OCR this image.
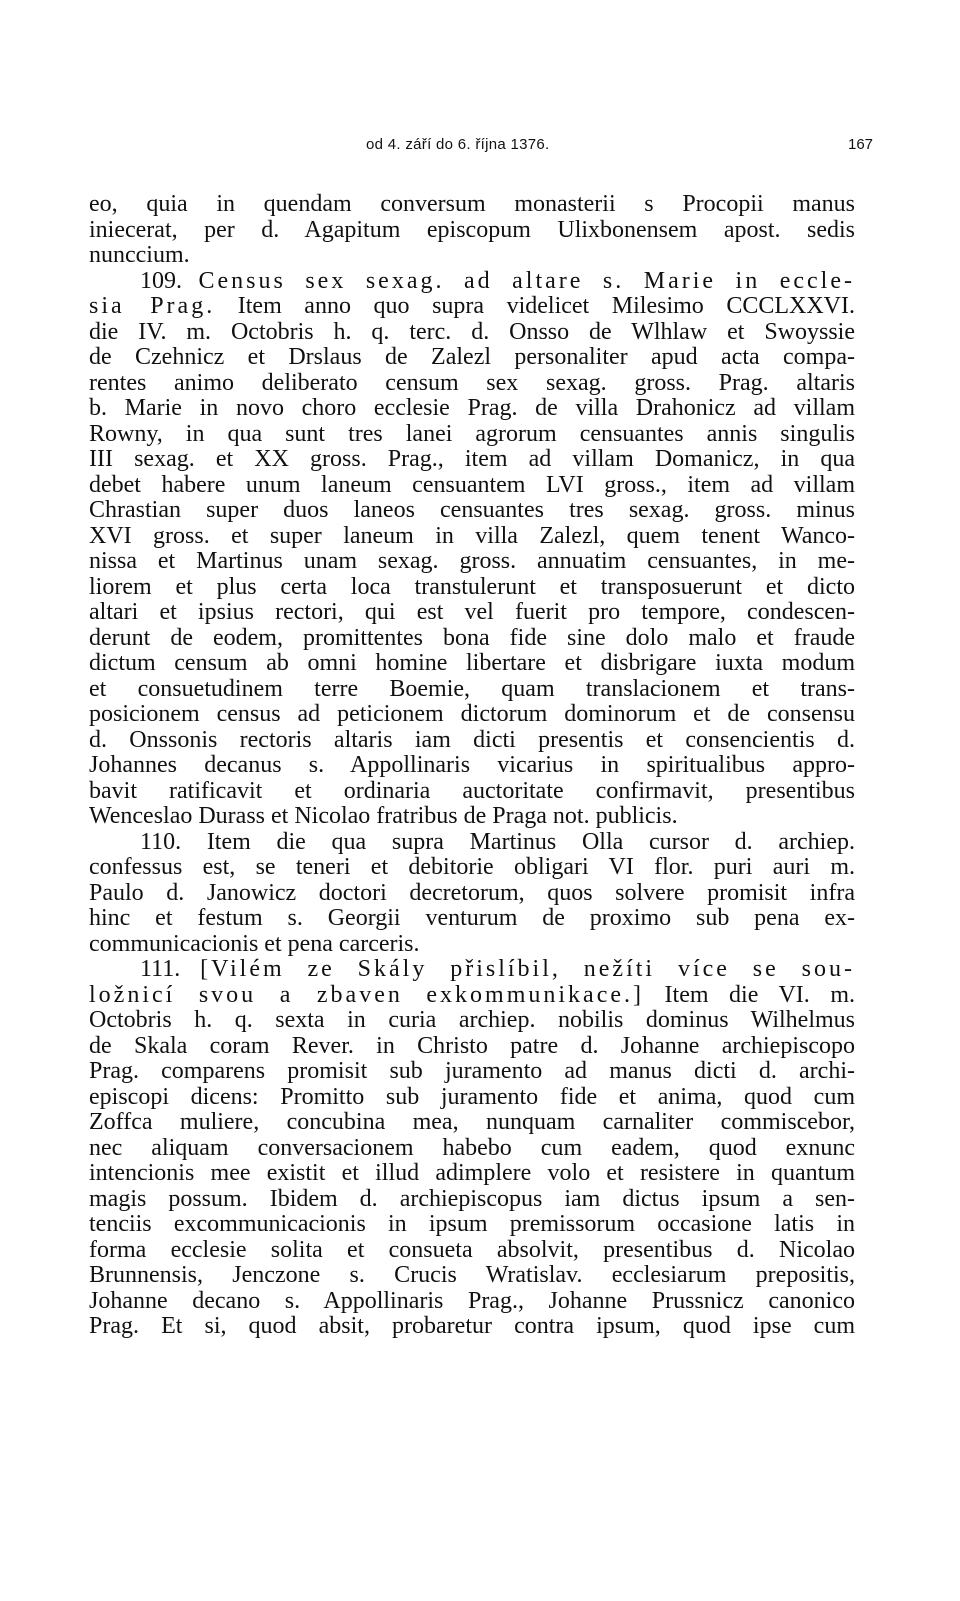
od 4. září do 6. října 1376.	167
eo, quia in quendam conversum monasterii s Procopii manus
iniecerat, per d. Agapitum episcopum Ulixbonensem apost. sedis
nunccium.
109. Census sex sexag. ad altare s. Marie in eccle-
sia Prag. Item anno quo supra videlicet Milesimo CCCLXXVI.
die IV. m. Octobris h. q. terc. d. Onsso de Wlhlaw et Swoyssie
de Czehnicz et Drslaus de Zalezl personaliter apud acta compa-
rentes animo deliberato censum sex sexag. gross. Prag. altaris
b. Marie in novo choro ecclesie Prag. de villa Drahonicz ad villam
Rowny, in qua sunt tres lanei agrorum censuantes annis singulis
III sexag. et XX gross. Prag., item ad villam Domanicz, in qua
debet habere unum laneum censuantem LVI gross., item ad villam
Chrastian super duos laneos censuantes tres sexag. gross. minus
XVI gross. et super laneum in villa Zalezl, quem tenent Wanco-
nissa et Martinus unam sexag. gross. annuatim censuantes, in me-
liorem et plus certa loca transtulerunt et transposuerunt et dicto
altari et ipsius rectori, qui est vel fuerit pro tempore, condescen-
derunt de eodem, promittentes bona fide sine dolo malo et fraude
dictum censum ab omni homine libertare et disbrigare iuxta modum
et consuetudinem terre Boemie, quam translacionem et trans-
posicionem census ad peticionem dictorum dominorum et de consensu
d. Onssonis rectoris altaris iam dicti presentis et consencientis d.
Johannes decanus s. Appollinaris vicarius in spiritualibus appro-
bavit ratificavit et ordinaria auctoritate confirmavit, presentibus
Wenceslao Durass et Nicolao fratribus de Praga not. publicis.
110. Item die qua supra Martinus Olla cursor d. archiep.
confessus est, se teneri et debitorie obligari VI flor. puri auri m.
Paulo d. Janowicz doctori decretorum, quos solvere promisit infra
hinc et festum s. Georgii venturum de proximo sub pena ex-
communicacionis et pena carceris.
111. [Vilém ze Skály přislíbil, nežíti více se sou-
ložnicí svou a zbaven exkommunikace.] Item die VI. m.
Octobris h. q. sexta in curia archiep. nobilis dominus Wilhelmus
de Skala coram Rever. in Christo patre d. Johanne archiepiscopo
Prag. comparens promisit sub juramento ad manus dicti d. archi-
episcopi dicens: Promitto sub juramento fide et anima, quod cum
Zoffca muliere, concubina mea, nunquam carnaliter commiscebor,
nec aliquam conversacionem habebo cum eadem, quod exnunc
intencionis mee existit et illud adimplere volo et resistere in quantum
magis possum. Ibidem d. archiepiscopus iam dictus ipsum a sen-
tenciis excommunicacionis in ipsum premissorum occasione latis in
forma ecclesie solita et consueta absolvit, presentibus d. Nicolao
Brunnensis, Jenczone s. Crucis Wratislav. ecclesiarum prepositis,
Johanne decano s. Appollinaris Prag., Johanne Prussnicz canonico
Prag. Et si, quod absit, probaretur contra ipsum, quod ipse cum
